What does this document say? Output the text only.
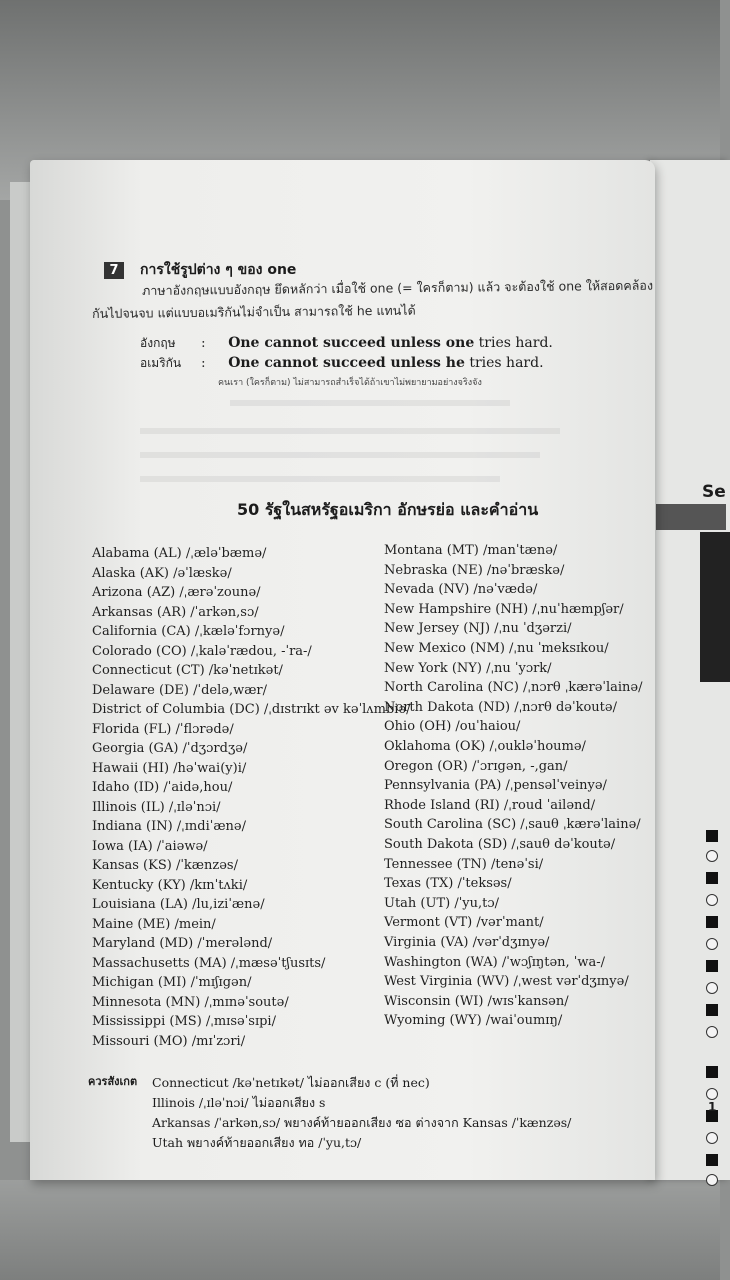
Se
1
7	การใช้รูปต่าง ๆ ของ one
ภาษาอังกฤษแบบอังกฤษ ยึดหลักว่า เมื่อใช้ one (= ใครก็ตาม) แล้ว จะต้องใช้ one ให้สอดคล้อง
กันไปจนจบ แต่แบบอเมริกันไม่จำเป็น สามารถใช้ he แทนได้
อังกฤษ : One cannot succeed unless one tries hard.
อเมริกัน : One cannot succeed unless he tries hard.
คนเรา (ใครก็ตาม) ไม่สามารถสำเร็จได้ถ้าเขาไม่พยายามอย่างจริงจัง
50 รัฐในสหรัฐอเมริกา อักษรย่อ และคำอ่าน
Alabama (AL) /ˌæləˈbæmə/
Alaska (AK) /əˈlæskə/
Arizona (AZ) /ˌærəˈzounə/
Arkansas (AR) /ˈarkən,sɔ/
California (CA) /ˌkæləˈfɔrnyə/
Colorado (CO) /ˌkaləˈrædou, -ˈra-/
Connecticut (CT) /kəˈnetɪkət/
Delaware (DE) /ˈdelə,wær/
District of Columbia (DC) /ˌdɪstrɪkt əv kəˈlʌmbiə/
Florida (FL) /ˈflɔrədə/
Georgia (GA) /ˈdʒɔrdʒə/
Hawaii (HI) /həˈwai(y)i/
Idaho (ID) /ˈaidə,hou/
Illinois (IL) /ˌɪləˈnɔi/
Indiana (IN) /ˌɪndiˈænə/
Iowa (IA) /ˈaiəwə/
Kansas (KS) /ˈkænzəs/
Kentucky (KY) /kɪnˈtʌki/
Louisiana (LA) /lu,iziˈænə/
Maine (ME) /mein/
Maryland (MD) /ˈmerələnd/
Massachusetts (MA) /ˌmæsəˈtʃusɪts/
Michigan (MI) /ˈmɪʃɪgən/
Minnesota (MN) /ˌmɪnəˈsoutə/
Mississippi (MS) /ˌmɪsəˈsɪpi/
Missouri (MO) /mɪˈzɔri/
Montana (MT) /manˈtænə/
Nebraska (NE) /nəˈbræskə/
Nevada (NV) /nəˈvædə/
New Hampshire (NH) /ˌnuˈhæmpʃər/
New Jersey (NJ) /ˌnu ˈdʒərzi/
New Mexico (NM) /ˌnu ˈmeksɪkou/
New York (NY) /ˌnu ˈyɔrk/
North Carolina (NC) /ˌnɔrθ ˌkærəˈlainə/
North Dakota (ND) /ˌnɔrθ dəˈkoutə/
Ohio (OH) /ouˈhaiou/
Oklahoma (OK) /ˌoukləˈhoumə/
Oregon (OR) /ˈɔrɪgən, -,gan/
Pennsylvania (PA) /ˌpensəlˈveinyə/
Rhode Island (RI) /ˌroud ˈailənd/
South Carolina (SC) /ˌsauθ ˌkærəˈlainə/
South Dakota (SD) /ˌsauθ dəˈkoutə/
Tennessee (TN) /tenəˈsi/
Texas (TX) /ˈteksəs/
Utah (UT) /ˈyu,tɔ/
Vermont (VT) /vərˈmant/
Virginia (VA) /vərˈdʒɪnyə/
Washington (WA) /ˈwɔʃɪŋtən, ˈwa-/
West Virginia (WV) /ˌwest vərˈdʒɪnyə/
Wisconsin (WI) /wɪsˈkansən/
Wyoming (WY) /waiˈoumɪŋ/
ควรสังเกต Connecticut /kəˈnetɪkət/ ไม่ออกเสียง c (ที่ nec)
Illinois /ˌɪləˈnɔi/ ไม่ออกเสียง s
Arkansas /ˈarkən,sɔ/ พยางค์ท้ายออกเสียง ซอ ต่างจาก Kansas /ˈkænzəs/
Utah พยางค์ท้ายออกเสียง ทอ /ˈyu,tɔ/
